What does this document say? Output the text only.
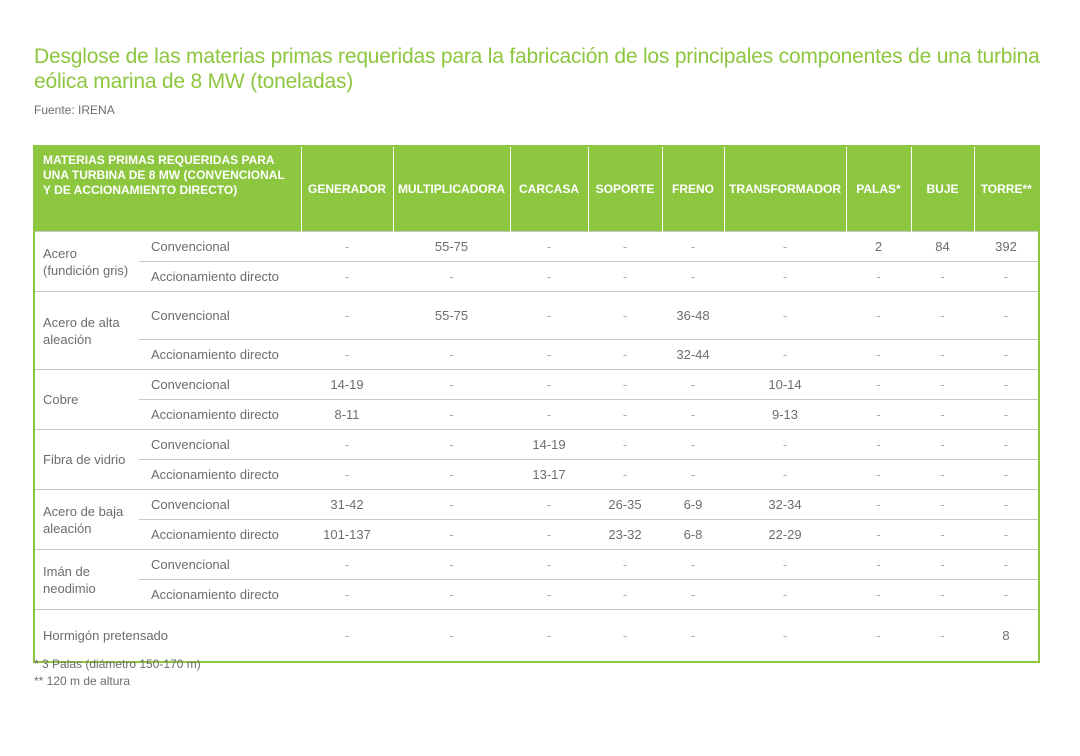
Desglose de las materias primas requeridas para la fabricación de los principales componentes de una turbina eólica marina de 8 MW (toneladas)
Fuente: IRENA
MATERIAS PRIMAS REQUERIDAS PARA UNA TURBINA DE 8 MW (CONVENCIONAL Y DE ACCIONAMIENTO DIRECTO)		GENERADOR	MULTIPLICADORA	CARCASA	SOPORTE	FRENO	TRANSFORMADOR	PALAS*	BUJE	TORRE**
Acero (fundición gris)	Convencional	-	55-75	-	-	-	-	2	84	392
	Accionamiento directo	-	-	-	-	-	-	-	-	-
Acero de alta aleación	Convencional	-	55-75	-	-	36-48	-	-	-	-
	Accionamiento directo	-	-	-	-	32-44	-	-	-	-
Cobre	Convencional	14-19	-	-	-	-	10-14	-	-	-
	Accionamiento directo	8-11	-	-	-	-	9-13	-	-	-
Fibra de vidrio	Convencional	-	-	14-19	-	-	-	-	-	-
	Accionamiento directo	-	-	13-17	-	-	-	-	-	-
Acero de baja aleación	Convencional	31-42	-	-	26-35	6-9	32-34	-	-	-
	Accionamiento directo	101-137	-	-	23-32	6-8	22-29	-	-	-
Imán de neodimio	Convencional	-	-	-	-	-	-	-	-	-
	Accionamiento directo	-	-	-	-	-	-	-	-	-
Hormigón pretensado		-	-	-	-	-	-	-	-	8
* 3 Palas (diámetro 150-170 m)
** 120 m de altura
